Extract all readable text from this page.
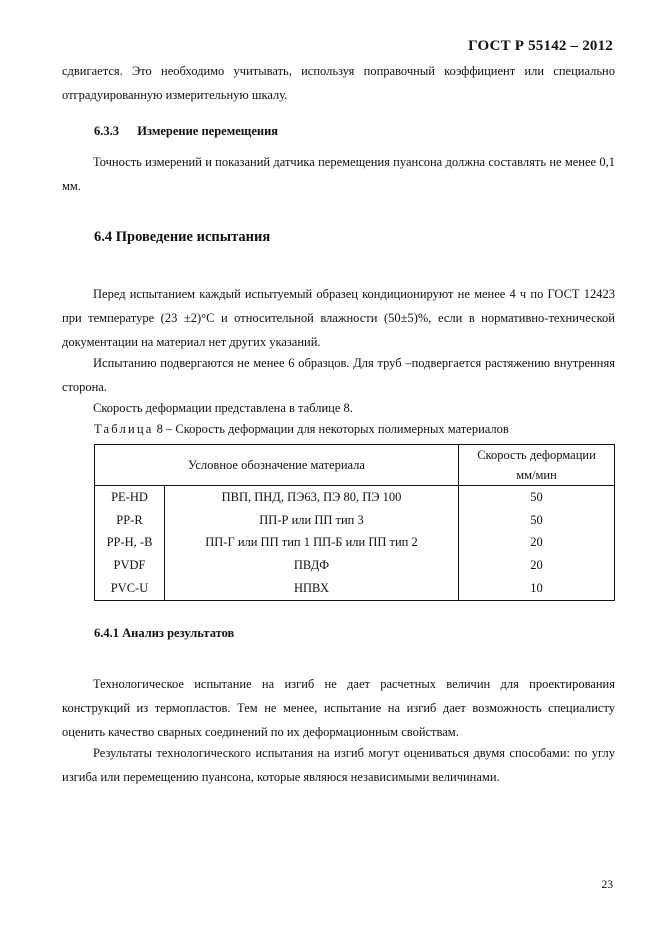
ГОСТ Р 55142 – 2012
сдвигается. Это необходимо учитывать, используя поправочный коэффициент или специально отградуированную измерительную шкалу.
6.3.3 Измерение перемещения
Точность измерений и показаний датчика перемещения пуансона должна составлять не менее 0,1 мм.
6.4 Проведение испытания
Перед испытанием каждый испытуемый образец кондиционируют не менее 4 ч по ГОСТ 12423 при температуре (23 ±2)°С и относительной влажности (50±5)%, если в нормативно-технической документации на материал нет других указаний.
Испытанию подвергаются не менее 6 образцов. Для труб –подвергается растяжению внутренняя сторона.
Скорость деформации представлена в таблице 8.
Таблица 8 – Скорость деформации для некоторых полимерных материалов
Условное обозначение материала		Скорость деформации
		мм/мин
PE-HD	ПВП, ПНД, ПЭ63, ПЭ 80, ПЭ 100	50
PP-R	ПП-Р или ПП тип 3	50
PP-H, -B	ПП-Г или ПП тип 1 ПП-Б или ПП тип 2	20
PVDF	ПВДФ	20
PVC-U	НПВХ	10
6.4.1 Анализ результатов
Технологическое испытание на изгиб не дает расчетных величин для проектирования конструкций из термопластов. Тем не менее, испытание на изгиб дает возможность специалисту оценить качество сварных соединений по их деформационным свойствам.
Результаты технологического испытания на изгиб могут оцениваться двумя способами: по углу изгиба или перемещению пуансона, которые являюся независимыми величинами.
23
